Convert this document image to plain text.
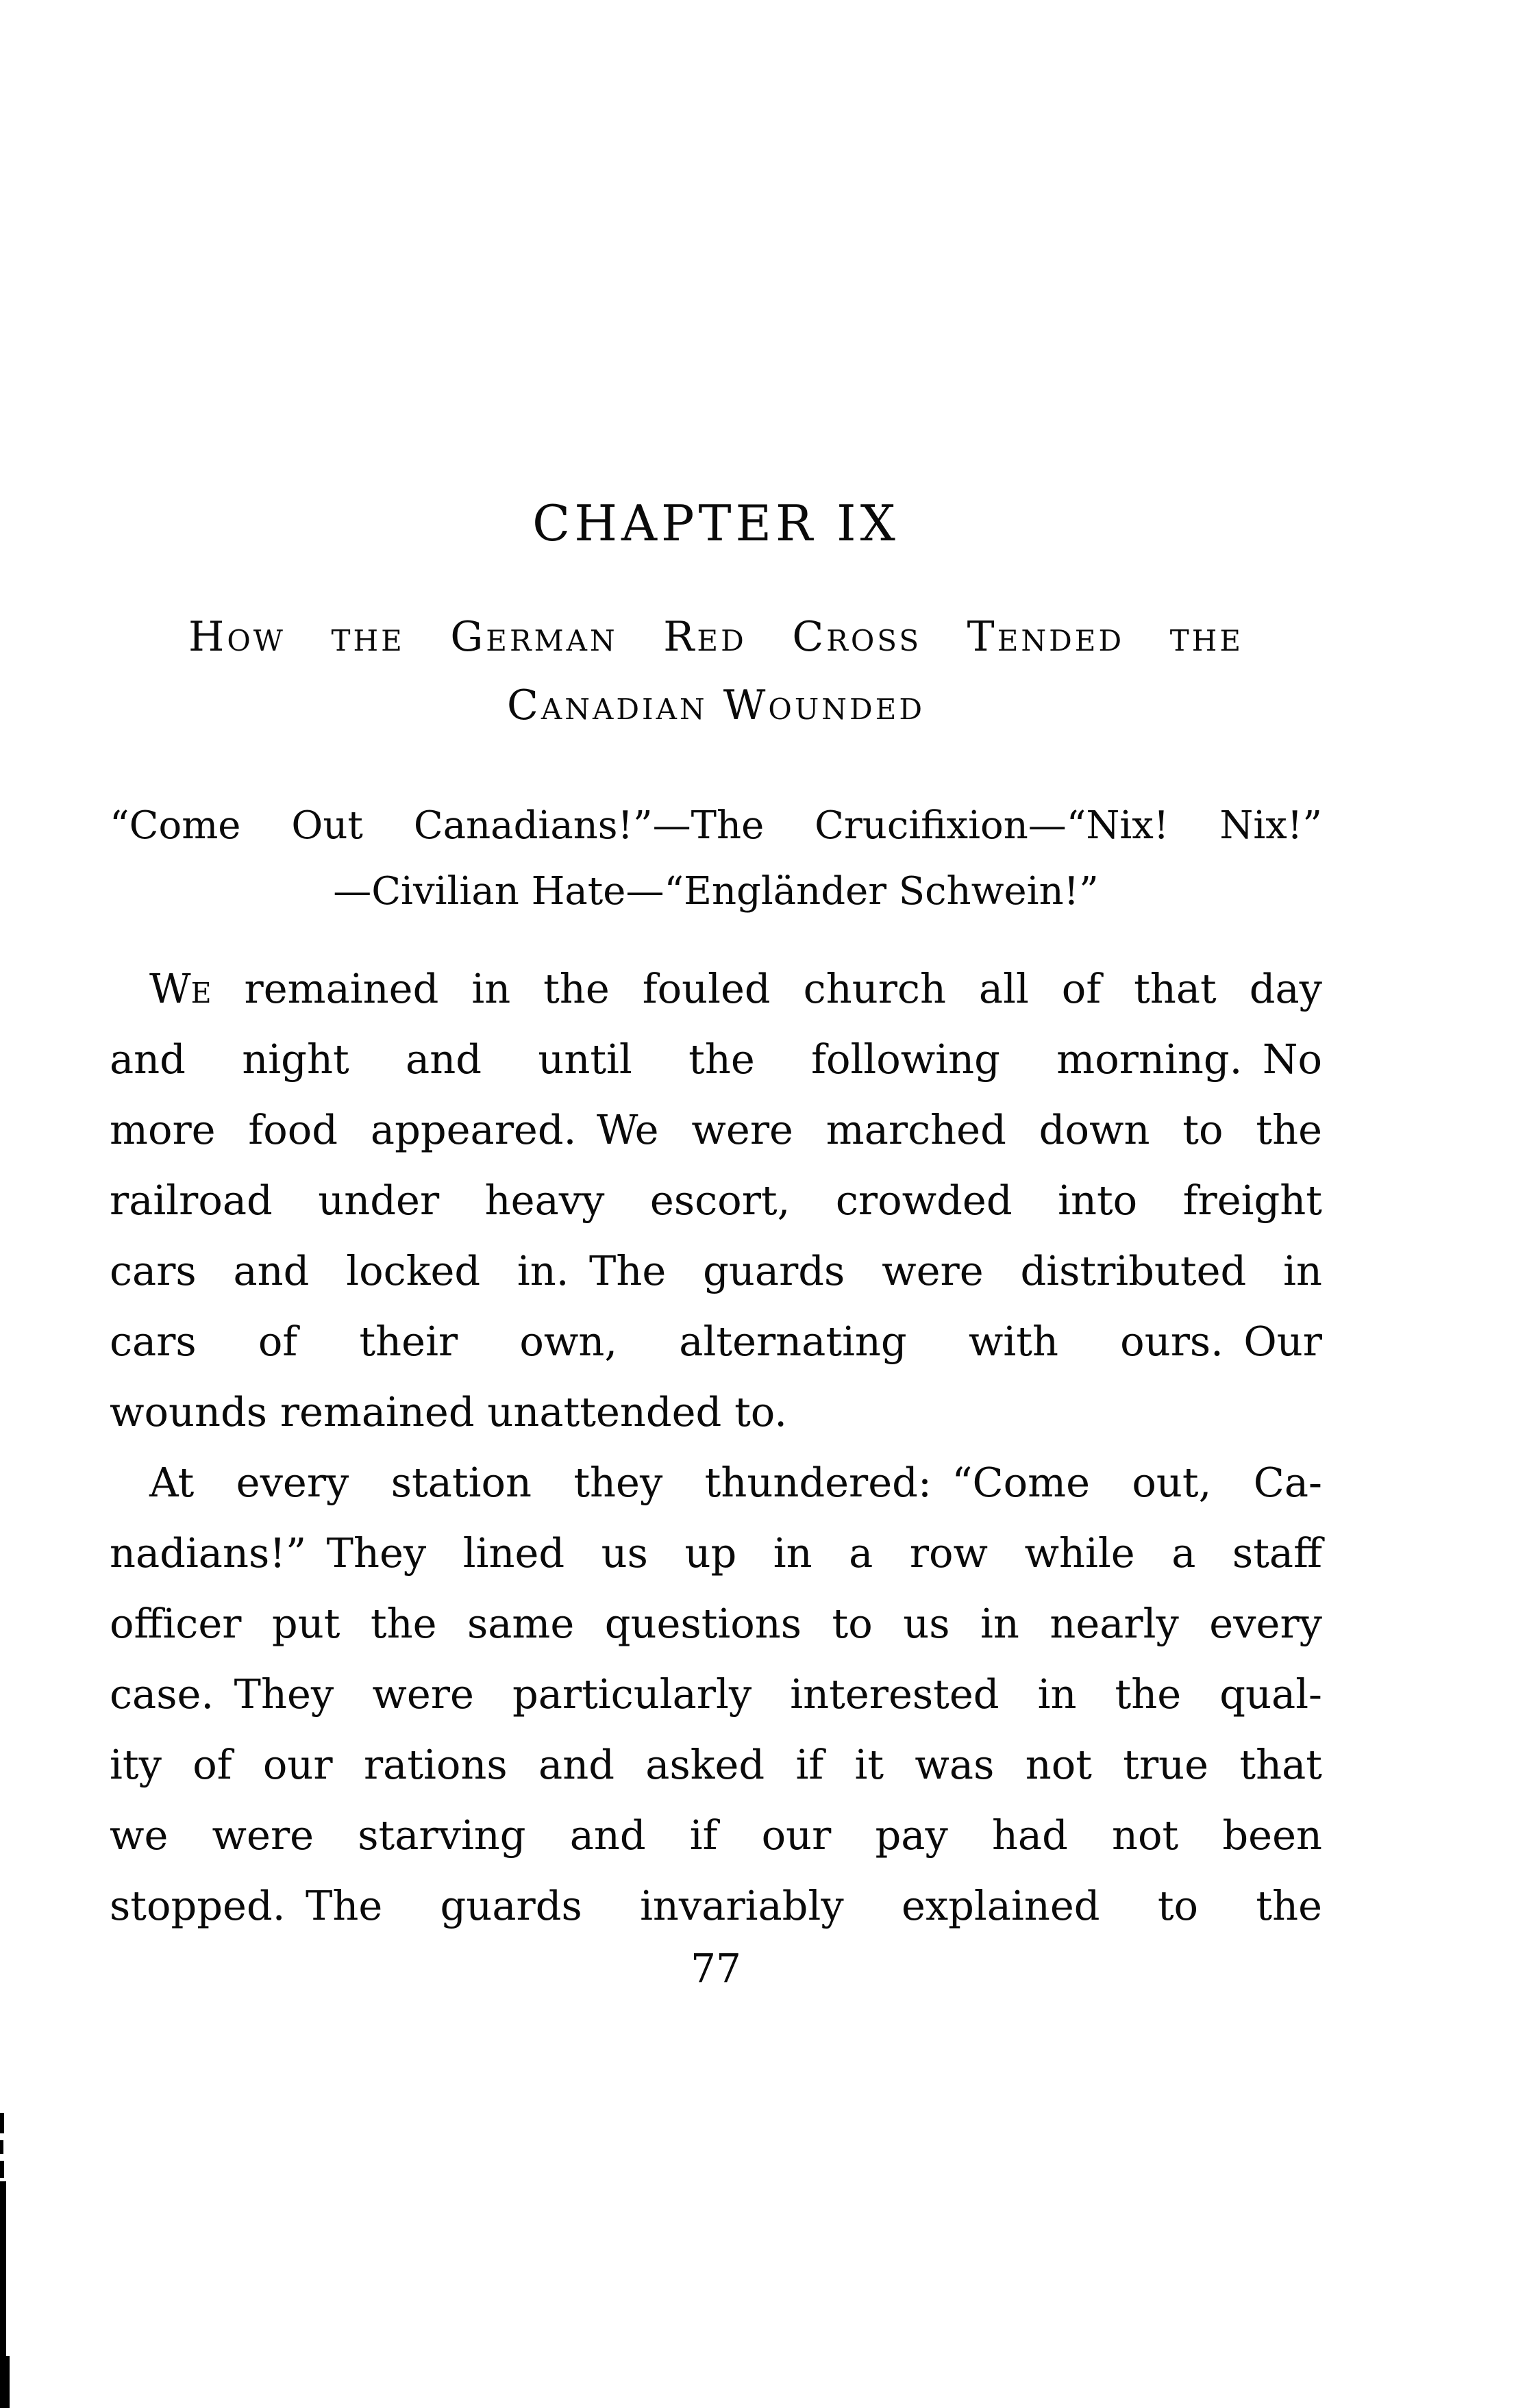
CHAPTER IX
How the German Red Cross Tended the
Canadian Wounded
“Come Out Canadians!”—The Crucifixion—“Nix! Nix!”
—Civilian Hate—“Engländer Schwein!”
We remained in the fouled church all of that day
and night and until the following morning. No
more food appeared. We were marched down to the
railroad under heavy escort, crowded into freight
cars and locked in. The guards were distributed in
cars of their own, alternating with ours. Our
wounds remained unattended to.
At every station they thundered: “Come out, Ca-
nadians!” They lined us up in a row while a staff
officer put the same questions to us in nearly every
case. They were particularly interested in the qual-
ity of our rations and asked if it was not true that
we were starving and if our pay had not been
stopped. The guards invariably explained to the
77
